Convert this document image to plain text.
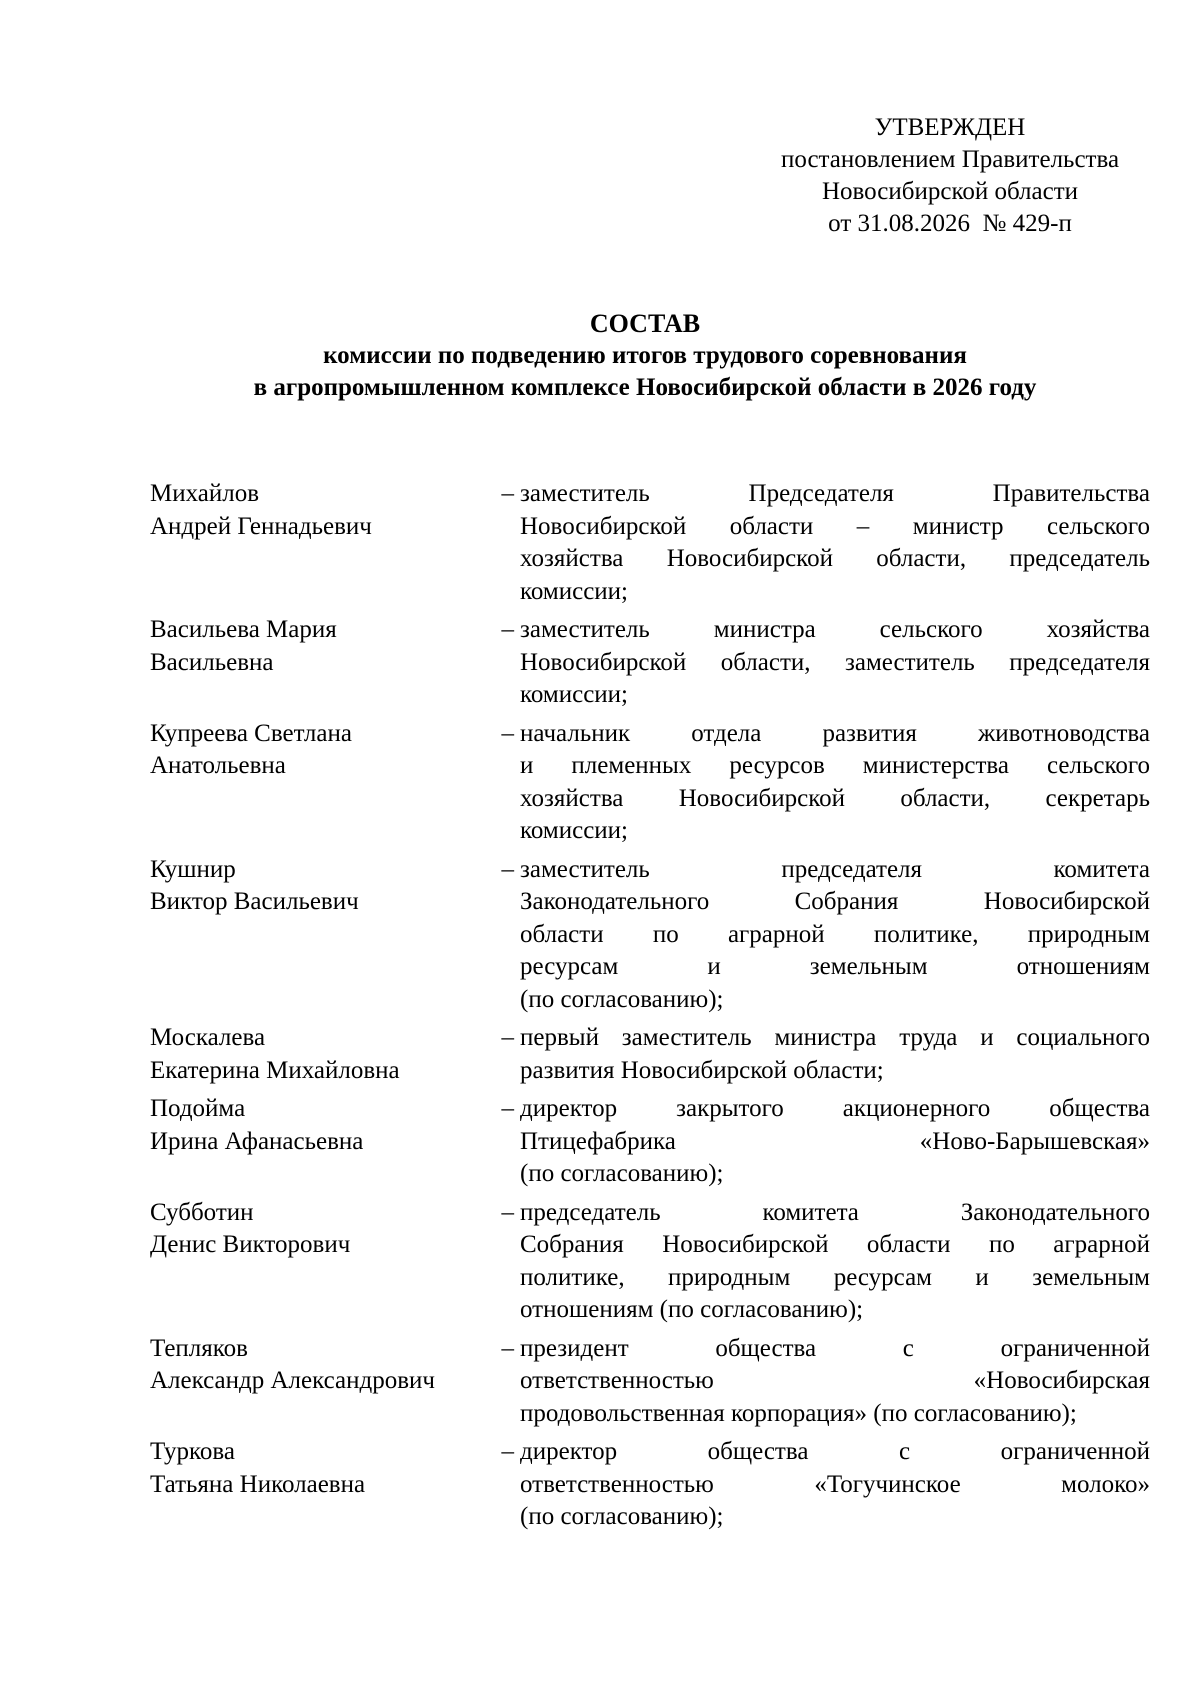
УТВЕРЖДЕН
постановлением Правительства
Новосибирской области
от 31.08.2026  № 429-п
СОСТАВ
комиссии по подведению итогов трудового соревнования
в агропромышленном комплексе Новосибирской области в 2026 году
Михайлов
Андрей Геннадьевич
– заместитель Председателя Правительства
Новосибирской области – министр сельского
хозяйства Новосибирской области, председатель
комиссии;
Васильева Мария
Васильевна
– заместитель министра сельского хозяйства
Новосибирской области, заместитель председателя
комиссии;
Купреева Светлана
Анатольевна
– начальник отдела развития животноводства
и племенных ресурсов министерства сельского
хозяйства Новосибирской области, секретарь
комиссии;
Кушнир
Виктор Васильевич
– заместитель председателя комитета
Законодательного Собрания Новосибирской
области по аграрной политике, природным
ресурсам и земельным отношениям
(по согласованию);
Москалева
Екатерина Михайловна
– первый заместитель министра труда и социального
развития Новосибирской области;
Подойма
Ирина Афанасьевна
– директор закрытого акционерного общества
Птицефабрика «Ново-Барышевская»
(по согласованию);
Субботин
Денис Викторович
– председатель комитета Законодательного
Собрания Новосибирской области по аграрной
политике, природным ресурсам и земельным
отношениям (по согласованию);
Тепляков
Александр Александрович
– президент общества с ограниченной
ответственностью «Новосибирская
продовольственная корпорация» (по согласованию);
Туркова
Татьяна Николаевна
– директор общества с ограниченной
ответственностью «Тогучинское молоко»
(по согласованию);
